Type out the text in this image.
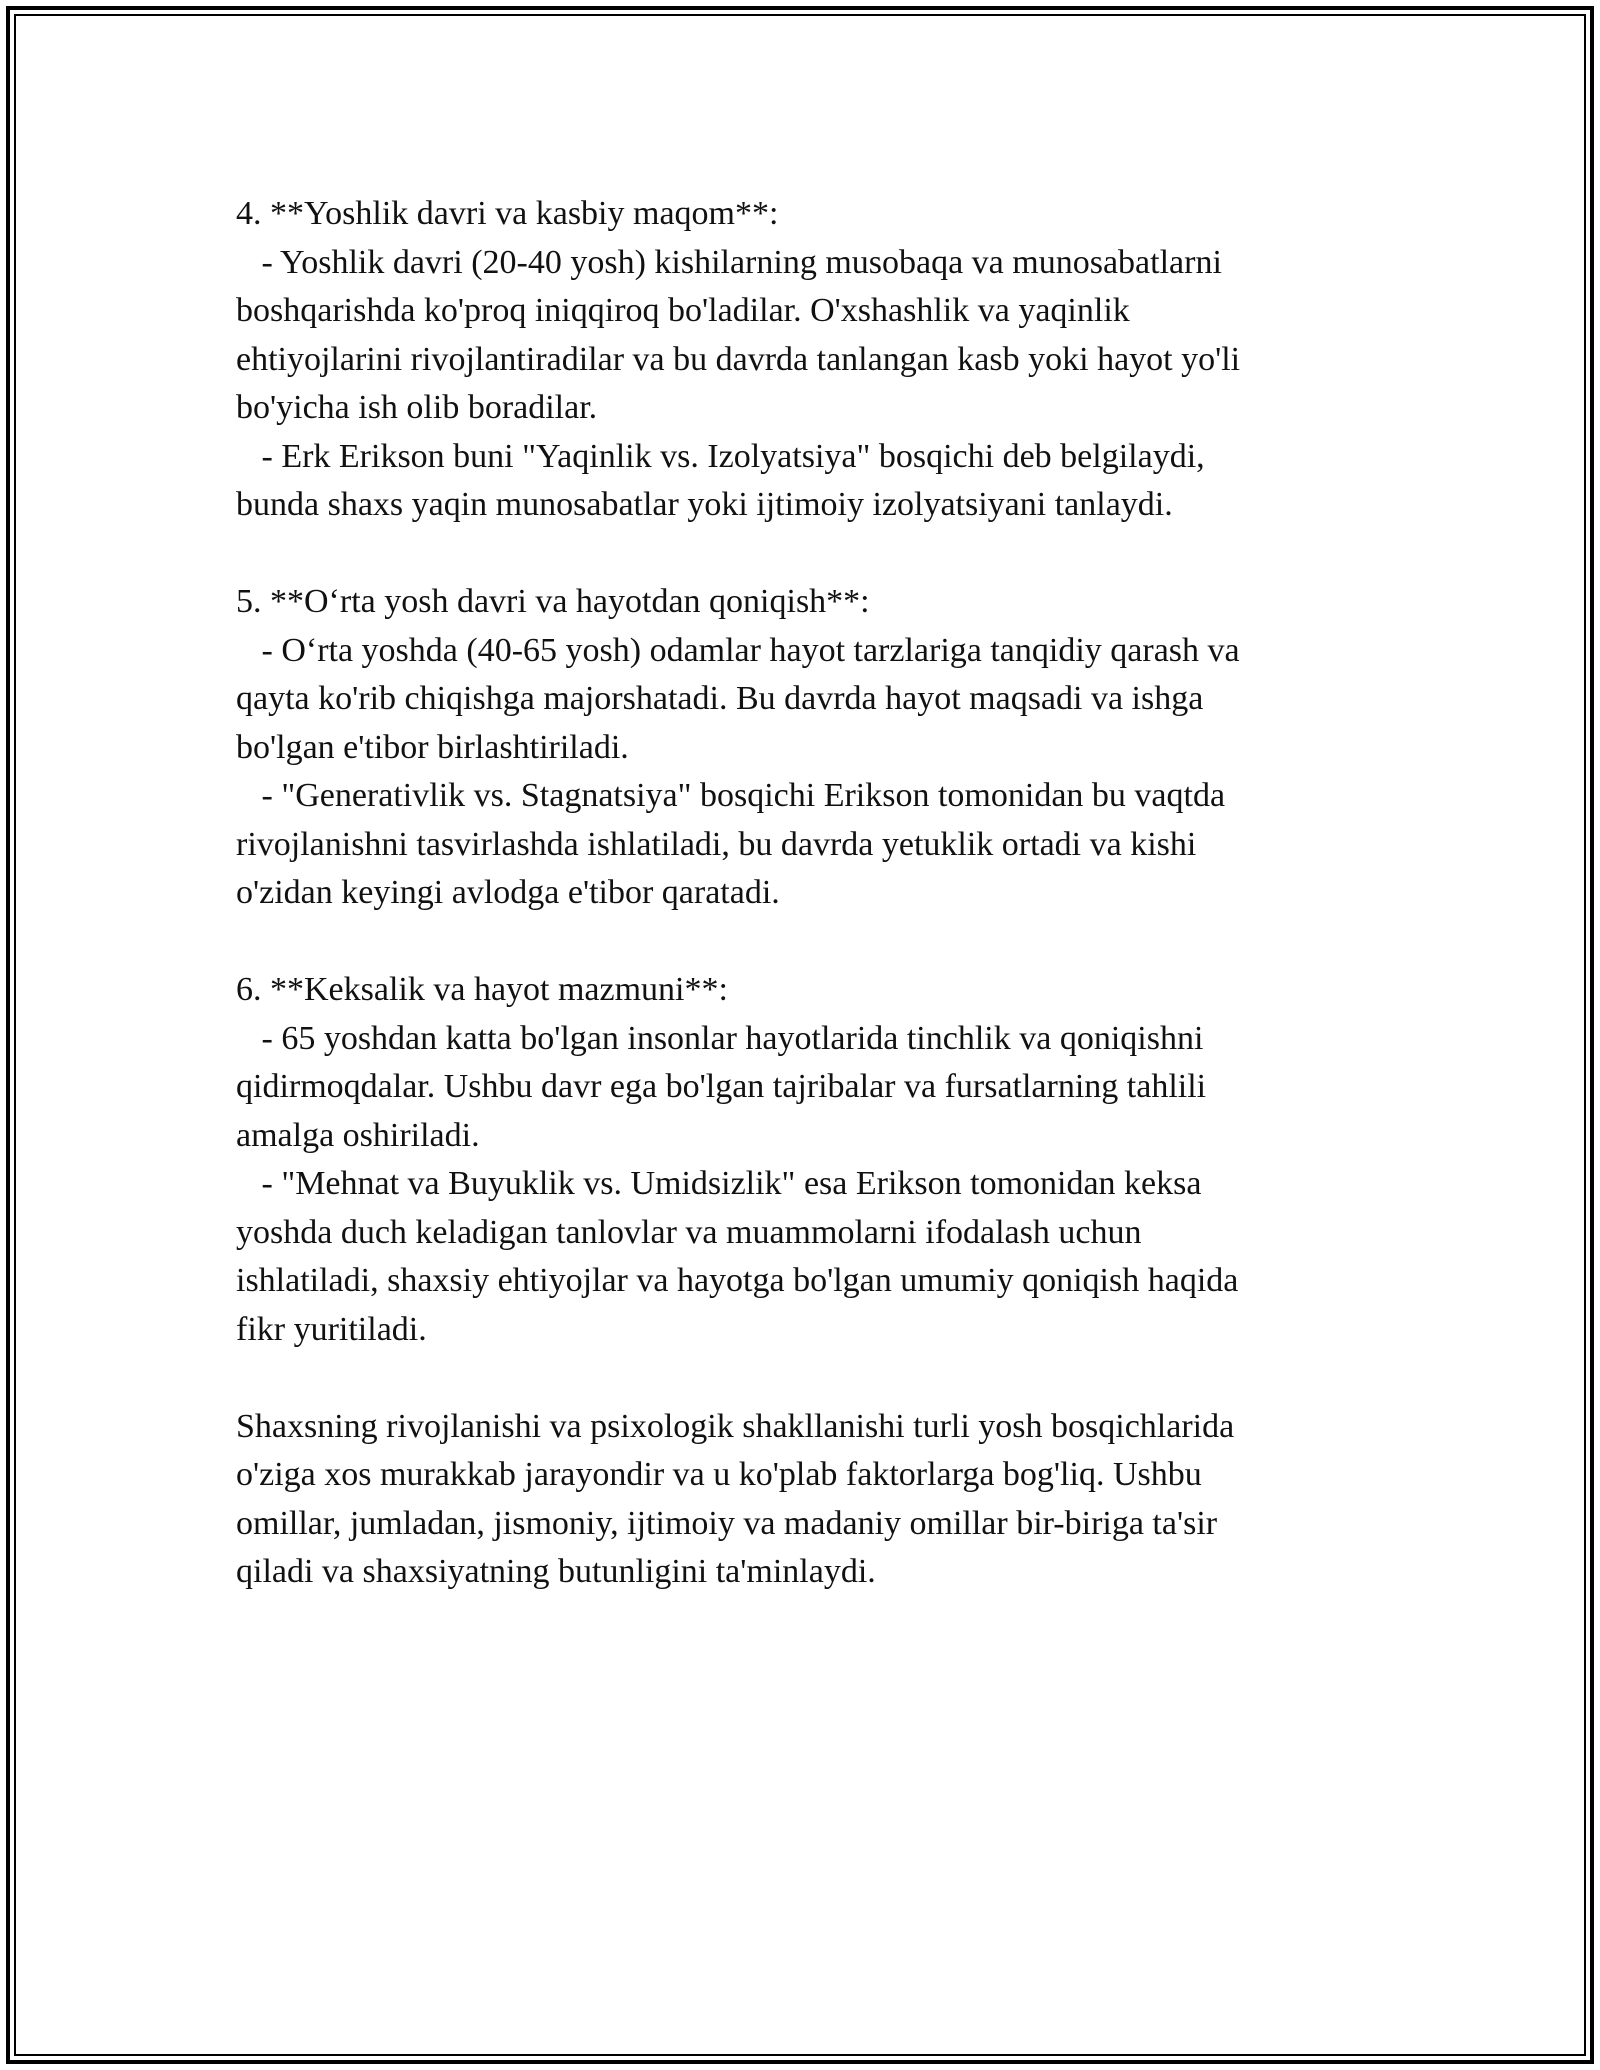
4. **Yoshlik davri va kasbiy maqom**:

- Yoshlik davri (20-40 yosh) kishilarning musobaqa va munosabatlarni

boshqarishda ko'proq iniqqiroq bo'ladilar. O'xshashlik va yaqinlik

ehtiyojlarini rivojlantiradilar va bu davrda tanlangan kasb yoki hayot yo'li

bo'yicha ish olib boradilar.

- Erk Erikson buni "Yaqinlik vs. Izolyatsiya" bosqichi deb belgilaydi,

bunda shaxs yaqin munosabatlar yoki ijtimoiy izolyatsiyani tanlaydi.

5. **O‘rta yosh davri va hayotdan qoniqish**:

- O‘rta yoshda (40-65 yosh) odamlar hayot tarzlariga tanqidiy qarash va

qayta ko'rib chiqishga majorshatadi. Bu davrda hayot maqsadi va ishga

bo'lgan e'tibor birlashtiriladi.

- "Generativlik vs. Stagnatsiya" bosqichi Erikson tomonidan bu vaqtda

rivojlanishni tasvirlashda ishlatiladi, bu davrda yetuklik ortadi va kishi

o'zidan keyingi avlodga e'tibor qaratadi.

6. **Keksalik va hayot mazmuni**:

- 65 yoshdan katta bo'lgan insonlar hayotlarida tinchlik va qoniqishni

qidirmoqdalar. Ushbu davr ega bo'lgan tajribalar va fursatlarning tahlili

amalga oshiriladi.

- "Mehnat va Buyuklik vs. Umidsizlik" esa Erikson tomonidan keksa

yoshda duch keladigan tanlovlar va muammolarni ifodalash uchun

ishlatiladi, shaxsiy ehtiyojlar va hayotga bo'lgan umumiy qoniqish haqida

fikr yuritiladi.

Shaxsning rivojlanishi va psixologik shakllanishi turli yosh bosqichlarida

o'ziga xos murakkab jarayondir va u ko'plab faktorlarga bog'liq. Ushbu

omillar, jumladan, jismoniy, ijtimoiy va madaniy omillar bir-biriga ta'sir

qiladi va shaxsiyatning butunligini ta'minlaydi.
